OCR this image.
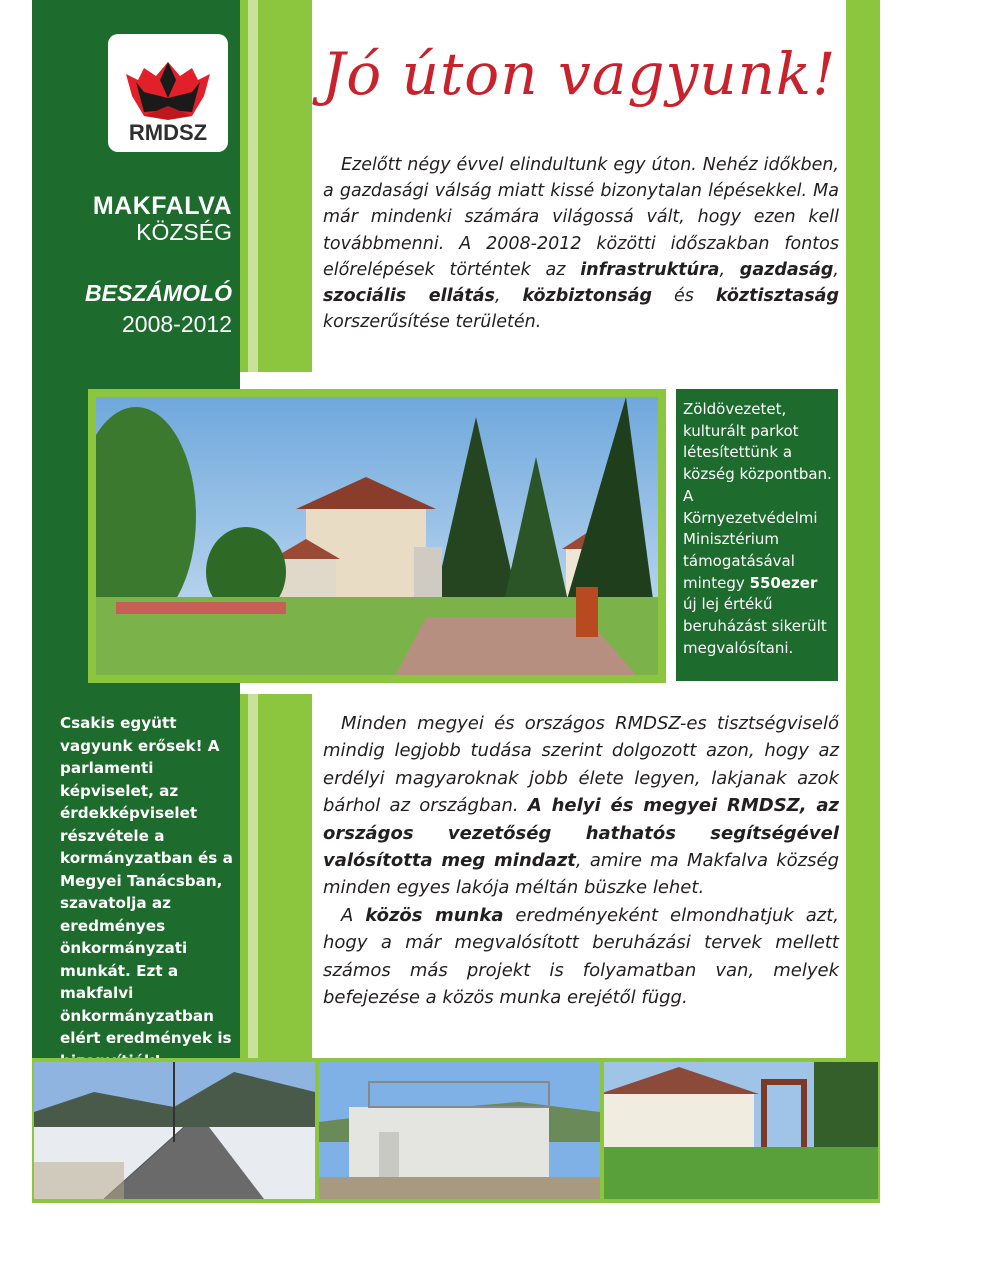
RMDSZ
MAKFALVA
KÖZSÉG
BESZÁMOLÓ
2008-2012
Jó úton vagyunk!

Ezelőtt négy évvel elindultunk egy úton. Nehéz időkben, a gazdasági válság miatt kissé bizonytalan lépésekkel. Ma már mindenki számára világossá vált, hogy ezen kell továbbmenni. A 2008-2012 közötti időszakban fontos előrelépések történtek az infrastruktúra, gazdaság, szociális ellátás, közbiztonság és köztisztaság korszerűsítése területén.

Zöldövezetet, kulturált parkot létesítettünk a község központban. A Környezetvédelmi Minisztérium támogatásával mintegy 550ezer új lej értékű beruházást sikerült megvalósítani.
Csakis együtt vagyunk erősek! A parlamenti képviselet, az érdekképviselet részvétele a kormányzatban és a Megyei Tanácsban, szavatolja az eredményes önkormányzati munkát. Ezt a makfalvi önkormányzatban elért eredmények is

Minden megyei és országos RMDSZ-es tisztségviselő mindig legjobb tudása szerint dolgozott azon, hogy az erdélyi magyaroknak jobb élete legyen, lakjanak azok bárhol az országban. A helyi és megyei RMDSZ, az országos vezetőség hathatós segítségével valósította meg mindazt, amire ma Makfalva község minden egyes lakója méltán büszke lehet.

A közös munka eredményeként elmondhatjuk azt, hogy a már megvalósított beruházási tervek mellett számos más projekt is folyamatban van, melyek befejezése a közös munka erejétől függ.
